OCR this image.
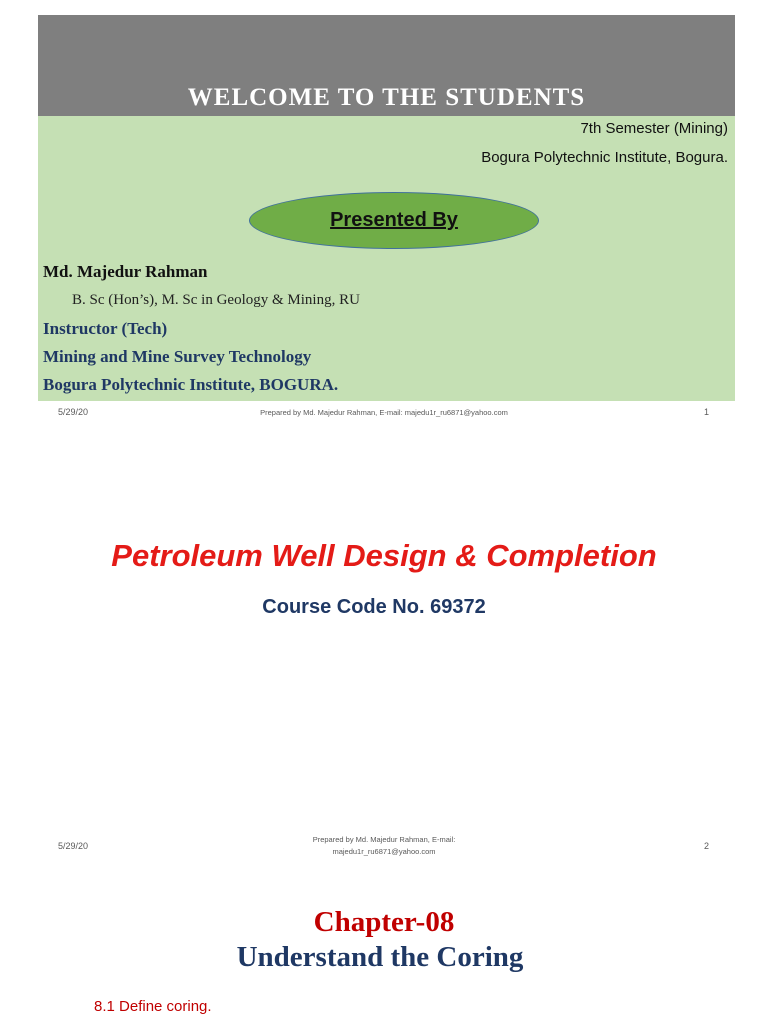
WELCOME TO THE STUDENTS
7th Semester (Mining)
Bogura Polytechnic Institute, Bogura.
Presented By
Md. Majedur Rahman
B. Sc (Hon’s), M. Sc in Geology & Mining, RU
Instructor (Tech)
Mining and Mine Survey Technology
Bogura Polytechnic Institute, BOGURA.
5/29/20	Prepared by Md. Majedur Rahman, E-mail: majedu1r_ru6871@yahoo.com	1
Petroleum Well Design & Completion
Course Code No. 69372
5/29/20
Prepared by Md. Majedur Rahman, E-mail:
majedu1r_ru6871@yahoo.com
2
Chapter-08
Understand the Coring
8.1 Define coring.
